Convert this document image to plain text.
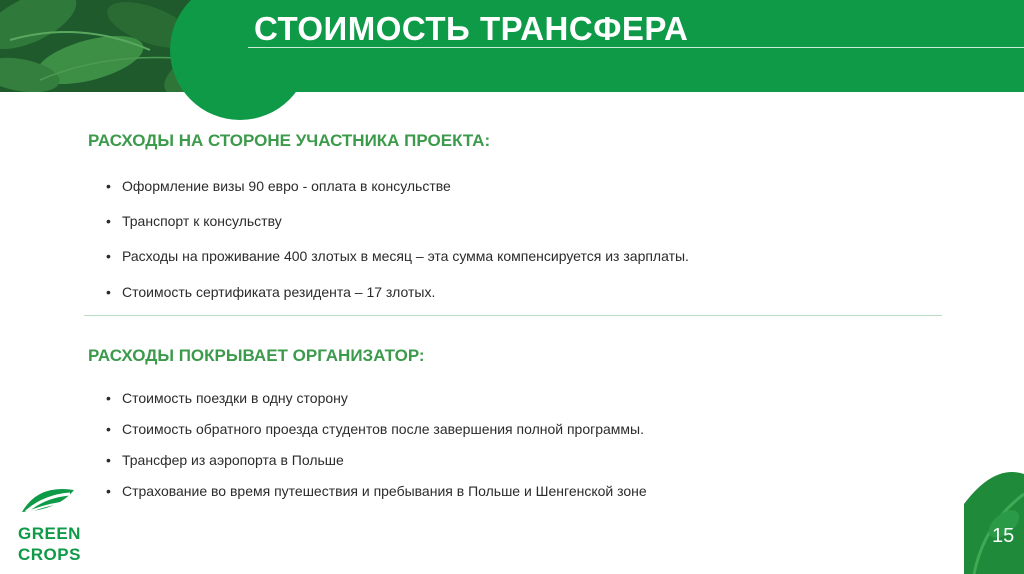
СТОИМОСТЬ ТРАНСФЕРА
РАСХОДЫ НА СТОРОНЕ УЧАСТНИКА ПРОЕКТА:
• Оформление визы 90 евро - оплата в консульстве
• Транспорт к консульству
• Расходы на проживание 400 злотых в месяц – эта сумма компенсируется из зарплаты.
• Стоимость сертификата резидента – 17 злотых.
РАСХОДЫ ПОКРЫВАЕТ ОРГАНИЗАТОР:
• Стоимость поездки в одну сторону
• Стоимость обратного проезда студентов после завершения полной программы.
• Трансфер из аэропорта в Польше
• Страхование во время путешествия и пребывания в Польше и Шенгенской зоне
GREEN
CROPS
15
